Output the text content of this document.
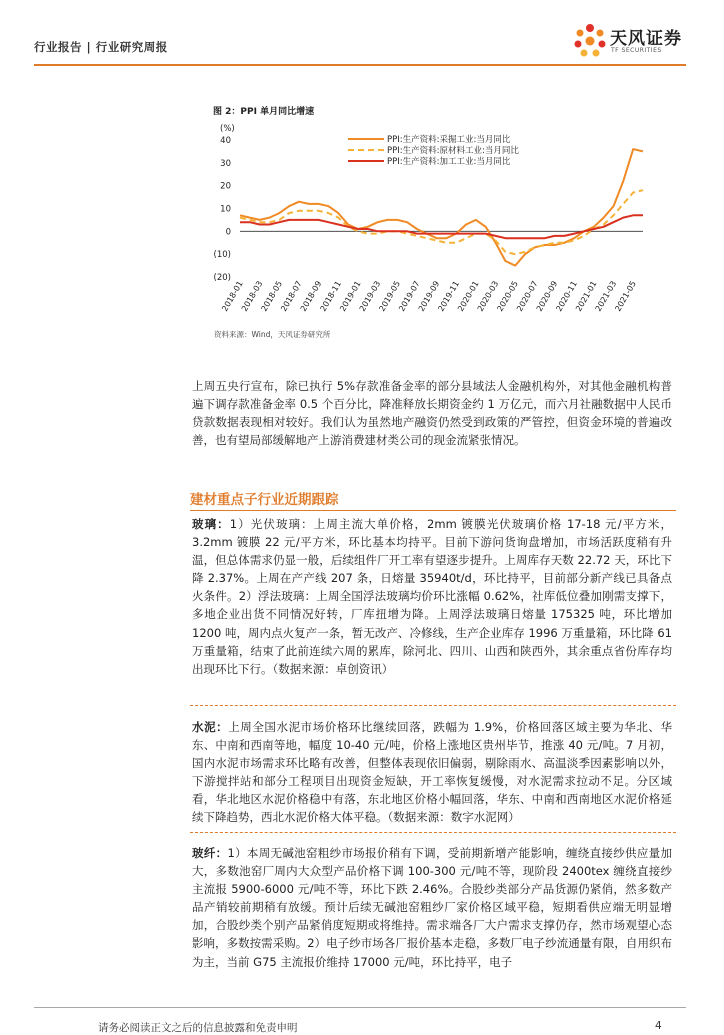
行业报告 | 行业研究周报	天风证券
TF SECURITIES
图 2：PPI 单月同比增速
(%)
40
30
20
10
0
(10)
(20)
2018-01
2018-03
2018-05
2018-07
2018-09
2018-11
2019-01
2019-03
2019-05
2019-07
2019-09
2019-11
2020-01
2020-03
2020-05
2020-07
2020-09
2020-11
2021-01
2021-03
2021-05
PPI:生产资料:采掘工业:当月同比
PPI:生产资料:原材料工业:当月同比
PPI:生产资料:加工工业:当月同比
资料来源：Wind，天风证券研究所

上周五央行宣布，除已执行 5%存款准备金率的部分县域法人金融机构外，对其他金融机构普遍下调存款准备金率 0.5 个百分比，降准释放长期资金约 1 万亿元，而六月社融数据中人民币贷款数据表现相对较好。我们认为虽然地产融资仍然受到政策的严管控，但资金环境的普遍改善，也有望局部缓解地产上游消费建材类公司的现金流紧张情况。

建材重点子行业近期跟踪

玻璃：1）光伏玻璃：上周主流大单价格，2mm 镀膜光伏玻璃价格 17-18 元/平方米，3.2mm 镀膜 22 元/平方米，环比基本均持平。目前下游问货询盘增加，市场活跃度稍有升温，但总体需求仍显一般，后续组件厂开工率有望逐步提升。上周库存天数 22.72 天，环比下降 2.37%。上周在产产线 207 条，日熔量 35940t/d，环比持平，目前部分新产线已具备点火条件。2）浮法玻璃：上周全国浮法玻璃均价环比涨幅 0.62%，社库低位叠加刚需支撑下，多地企业出货不同情况好转，厂库扭增为降。上周浮法玻璃日熔量 175325 吨，环比增加 1200 吨，周内点火复产一条，暂无改产、冷修线，生产企业库存 1996 万重量箱，环比降 61 万重量箱，结束了此前连续六周的累库，除河北、四川、山西和陕西外，其余重点省份库存均出现环比下行。（数据来源：卓创资讯）

水泥：上周全国水泥市场价格环比继续回落，跌幅为 1.9%，价格回落区域主要为华北、华东、中南和西南等地，幅度 10-40 元/吨，价格上涨地区贵州毕节，推涨 40 元/吨。7 月初，国内水泥市场需求环比略有改善，但整体表现依旧偏弱，剔除雨水、高温淡季因素影响以外，下游搅拌站和部分工程项目出现资金短缺，开工率恢复缓慢，对水泥需求拉动不足。分区域看，华北地区水泥价格稳中有落，东北地区价格小幅回落，华东、中南和西南地区水泥价格延续下降趋势，西北水泥价格大体平稳。（数据来源：数字水泥网）

玻纤：1）本周无碱池窑粗纱市场报价稍有下调，受前期新增产能影响，缠绕直接纱供应量加大，多数池窑厂周内大众型产品价格下调 100-300 元/吨不等，现阶段 2400tex 缠绕直接纱主流报 5900-6000 元/吨不等，环比下跌 2.46%。合股纱类部分产品货源仍紧俏，然多数产品产销较前期稍有放缓。预计后续无碱池窑粗纱厂家价格区域平稳，短期看供应端无明显增加，合股纱类个别产品紧俏度短期或将维持。需求端各厂大户需求支撑仍存，然市场观望心态影响，多数按需采购。2）电子纱市场各厂报价基本走稳，多数厂电子纱流通量有限，自用织布为主，当前 G75 主流报价维持 17000 元/吨，环比持平，电子

请务必阅读正文之后的信息披露和免责申明	4
